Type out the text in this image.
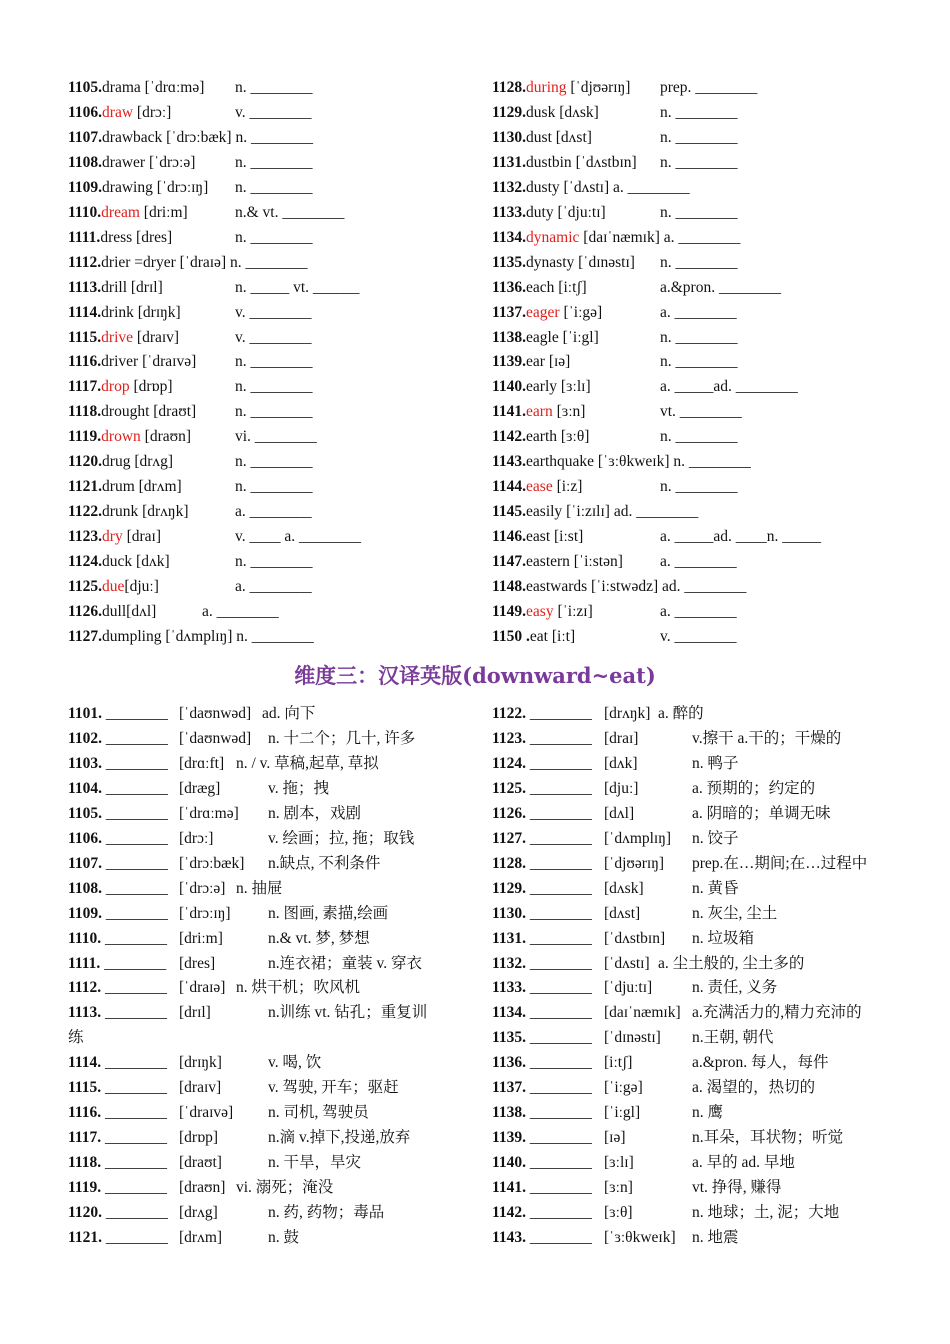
1105.drama [ˈdrɑːmə] n. ________
1106.draw [drɔː]	v. ________
1107.drawback [ˈdrɔːbæk] n. ________
1108.drawer [ˈdrɔːə]	n. ________
1109.drawing [ˈdrɔːɪŋ] n. ________
1110.dream [driːm]	n.& vt. ________
1111.dress [dres]	n. ________
1112.drier =dryer [ˈdraɪə] n. ________
1113.drill [drɪl]	n. _____ vt. ______
1114.drink [drɪŋk]	v. ________
1115.drive [draɪv]	v. ________
1116.driver [ˈdraɪvə] n. ________
1117.drop [drɒp]	n. ________
1118.drought [draʊt]	n. ________
1119.drown [draʊn]	vi. ________
1120.drug [drʌg]	n. ________
1121.drum [drʌm]	n. ________
1122.drunk [drʌŋk]	a. ________
1123.dry [draɪ]	v. ____ a. ________
1124.duck [dʌk]	n. ________
1125.due[djuː]	a. ________
1126.dull[dʌl]	a. ________
1127.dumpling [ˈdʌmplɪŋ] n. ________
1128.during [ˈdjʊərɪŋ] prep. ________
1129.dusk [dʌsk]	n. ________
1130.dust [dʌst]	n. ________
1131.dustbin [ˈdʌstbɪn] n. ________
1132.dusty [ˈdʌstɪ] a. ________
1133.duty [ˈdjuːtɪ]	n. ________
1134.dynamic [daɪˈnæmɪk] a. ________
1135.dynasty [ˈdɪnəstɪ] n. ________
1136.each [iːtʃ]	a.&pron. ________
1137.eager [ˈiːgə]	a. ________
1138.eagle [ˈiːgl]	n. ________
1139.ear [ɪə]	n. ________
1140.early [ɜːlɪ]	a. _____ad. ________
1141.earn [ɜːn]	vt. ________
1142.earth [ɜːθ]	n. ________
1143.earthquake [ˈɜːθkweɪk] n. ________
1144.ease [iːz]	n. ________
1145.easily [ˈiːzɪlɪ] ad. ________
1146.east [iːst]	a. _____ad. ____n. _____
1147.eastern [ˈiːstən] a. ________
1148.eastwards [ˈiːstwədz] ad. ________
1149.easy [ˈiːzɪ]	a. ________
1150 .eat [iːt]	v. ________
维度三：汉译英版(downward~eat)
1101. ________ [ˈdaʊnwəd] ad. 向下
1102. ________ [ˈdaʊnwəd] n. 十二个；几十, 许多
1103. ________ [drɑːft] n. / v. 草稿,起草, 草拟
1104. ________ [dræg]	v. 拖；拽
1105. ________ [ˈdrɑːmə] n. 剧本，戏剧
1106. ________ [drɔː]	v. 绘画；拉, 拖；取钱
1107. ________ [ˈdrɔːbæk] n.缺点, 不利条件
1108. ________ [ˈdrɔːə] n. 抽屉
1109. ________ [ˈdrɔːɪŋ] n. 图画, 素描,绘画
1110. ________ [driːm]	n.& vt. 梦, 梦想
1111. ________ [dres]	n.连衣裙；童装 v. 穿衣
1112. ________ [ˈdraɪə] n. 烘干机；吹风机
1113. ________ [drɪl]	n.训练 vt. 钻孔；重复训
练
1114. ________ [drɪŋk]	v. 喝, 饮
1115. ________ [draɪv]	v. 驾驶, 开车；驱赶
1116. ________ [ˈdraɪvə] n. 司机, 驾驶员
1117. ________ [drɒp]	n.滴 v.掉下,投递,放弃
1118. ________ [draʊt]	n. 干旱，旱灾
1119. ________ [draʊn] vi. 溺死；淹没
1120. ________ [drʌg]	n. 药, 药物；毒品
1121. ________ [drʌm]	n. 鼓
1122. ________ [drʌŋk] a. 醉的
1123. ________ [draɪ]	v.擦干 a.干的；干燥的
1124. ________ [dʌk]	n. 鸭子
1125. ________ [djuː]	a. 预期的；约定的
1126. ________ [dʌl]	a. 阴暗的；单调无味
1127. ________ [ˈdʌmplɪŋ] n. 饺子
1128. ________ [ˈdjʊərɪŋ] prep.在…期间;在…过程中
1129. ________ [dʌsk]	n. 黄昏
1130. ________ [dʌst]	n. 灰尘, 尘土
1131. ________ [ˈdʌstbɪn] n. 垃圾箱
1132. ________ [ˈdʌstɪ] a. 尘土般的, 尘土多的
1133. ________ [ˈdjuːtɪ]	n. 责任, 义务
1134. ________ [daɪˈnæmɪk] a.充满活力的,精力充沛的
1135. ________ [ˈdɪnəstɪ] n.王朝, 朝代
1136. ________ [iːtʃ]	a.&pron. 每人，每件
1137. ________ [ˈiːgə]	a. 渴望的，热切的
1138. ________ [ˈiːgl]	n. 鹰
1139. ________ [ɪə]	n.耳朵，耳状物；听觉
1140. ________ [ɜːlɪ]	a. 早的 ad. 早地
1141. ________ [ɜːn]	vt. 挣得, 赚得
1142. ________ [ɜːθ]	n. 地球；土, 泥；大地
1143. ________ [ˈɜːθkweɪk] n. 地震
